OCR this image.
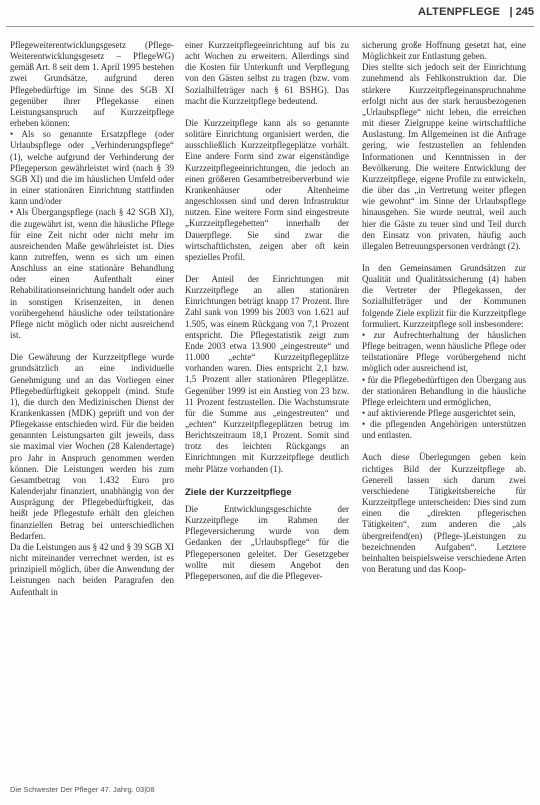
ALTENPFLEGE | 245

Pflegeweiterentwicklungsgesetz (Pflege-Weiterentwicklungsgesetz – PflegeWG) gemäß Art. 8 seit dem 1. April 1995 bestehen zwei Grundsätze, aufgrund deren Pflegebedürftige im Sinne des SGB XI gegenüber ihrer Pflegekasse einen Leistungsanspruch auf Kurzzeitpflege erheben können:

• Als so genannte Ersatzpflege (oder Urlaubspflege oder „Verhinderungspflege“ (1), welche aufgrund der Verhinderung der Pflegeperson gewährleistet wird (nach § 39 SGB XI) und die im häuslichen Umfeld oder in einer stationären Einrichtung stattfinden kann und/oder

• Als Übergangspflege (nach § 42 SGB XI), die zugewährt ist, wenn die häusliche Pflege für eine Zeit nicht oder nicht mehr im ausreichenden Maße gewährleistet ist. Dies kann zutreffen, wenn es sich um einen Anschluss an eine stationäre Behandlung oder einen Aufenthalt einer Rehabilitationseinrichtung handelt oder auch in sonstigen Krisenzeiten, in denen vorübergehend häusliche oder teilstationäre Pflege nicht möglich oder nicht ausreichend ist.

Die Gewährung der Kurzzeitpflege wurde grundsätzlich an eine individuelle Genehmigung und an das Vorliegen einer Pflegebedürftigkeit gekoppelt (mind. Stufe 1), die durch den Medizinischen Dienst der Krankenkassen (MDK) geprüft und von der Pflegekasse entschieden wird. Für die beiden genannten Leistungsarten gilt jeweils, dass sie maximal vier Wochen (28 Kalendertage) pro Jahr in Anspruch genommen werden können. Die Leistungen werden bis zum Gesamtbetrag von 1.432 Euro pro Kalenderjahr finanziert, unabhängig von der Ausprägung der Pflegebedürftigkeit, das heißt jede Pflegestufe erhält den gleichen finanziellen Betrag bei unterschiedlichen Bedarfen.

Da die Leistungen aus § 42 und § 39 SGB XI nicht miteinander verrechnet werden, ist es prinzipiell möglich, über die Anwendung der Leistungen nach beiden Paragrafen den Aufenthalt in

einer Kurzzeitpflegeeinrichtung auf bis zu acht Wochen zu erweitern. Allerdings sind die Kosten für Unterkunft und Verpflegung von den Gästen selbst zu tragen (bzw. vom Sozialhilfeträger nach § 61 BSHG). Das macht die Kurzzeitpflege bedeutend.

Die Kurzzeitpflege kann als so genannte solitäre Einrichtung organisiert werden, die ausschließlich Kurzzeitpflegeplätze vorhält. Eine andere Form sind zwar eigenständige Kurzzeitpflegeeinrichtungen, die jedoch an einen größeren Gesamtbetreiberverbund wie Krankenhäuser oder Altenheime angeschlossen sind und deren Infrastruktur nutzen. Eine weitere Form sind eingestreute „Kurzzeitpflegebetten“ innerhalb der Dauerpflege. Sie sind zwar die wirtschaftlichsten, zeigen aber oft kein spezielles Profil.

Der Anteil der Einrichtungen mit Kurzzeitpflege an allen stationären Einrichtungen beträgt knapp 17 Prozent. Ihre Zahl sank von 1999 bis 2003 von 1.621 auf 1.505, was einem Rückgang von 7,1 Prozent entspricht. Die Pflegestatistik zeigt zum Ende 2003 etwa 13.900 „eingestreute“ und 11.000 „echte“ Kurzzeitpflegeplätze vorhanden waren. Dies entspricht 2,1 bzw. 1,5 Prozent aller stationären Pflegeplätze. Gegenüber 1999 ist ein Anstieg von 23 bzw. 11 Prozent festzustellen. Die Wachstumsrate für die Summe aus „eingestreuten“ und „echten“ Kurzzeitpflegeplätzen betrug im Berichtszeitraum 18,1 Prozent. Somit sind trotz des leichten Rückgangs an Einrichtungen mit Kurzzeitpflege deutlich mehr Plätze vorhanden (1).

Ziele der Kurzzeitpflege

Die Entwicklungsgeschichte der Kurzzeitpflege im Rahmen der Pflegeversicherung wurde von dem Gedanken der „Urlaubspflege“ für die Pflegepersonen geleitet. Der Gesetzgeber wollte mit diesem Angebot den Pflegepersonen, auf die die Pflegever-

sicherung große Hoffnung gesetzt hat, eine Möglichkeit zur Entlastung geben.

Dies stellte sich jedoch seit der Einrichtung zunehmend als Fehlkonstruktion dar. Die stärkere Kurzzeitpflegeinanspruchnahme erfolgt nicht aus der stark herausbezogenen „Urlaubspflege“ nicht leben, die erreichen mit dieser Zielgruppe keine wirtschaftliche Auslastung. Im Allgemeinen ist die Anfrage gering, wie festzustellen an fehlenden Informationen und Kenntnissen in der Bevölkerung. Die weitere Entwicklung der Kurzzeitpflege, eigene Profile zu entwickeln, die über das „in Vertretung weiter pflegen wie gewohnt“ im Sinne der Urlaubspflege hinausgehen. Sie wurde neutral, weil auch hier die Gäste zu teuer sind und Teil durch den Einsatz von privaten, häufig auch illegalen Betreuungspersonen verdrängt (2).

In den Gemeinsamen Grundsätzen zur Qualität und Qualitätssicherung (4) haben die Vertreter der Pflegekassen, der Sozialhilfeträger und der Kommunen folgende Ziele explizit für die Kurzzeitpflege formuliert. Kurzzeitpflege soll insbesondere:

• zur Aufrechterhaltung der häuslichen Pflege beitragen, wenn häusliche Pflege oder teilstationäre Pflege vorübergehend nicht möglich oder ausreichend ist,

• für die Pflegebedürftigen den Übergang aus der stationären Behandlung in die häusliche Pflege erleichtern und ermöglichen,

• auf aktivierende Pflege ausgerichtet sein,

• die pflegenden Angehörigen unterstützen und entlasten.

Auch diese Überlegungen geben kein richtiges Bild der Kurzzeitpflege ab. Generell lassen sich darum zwei verschiedene Tätigkeitsbereiche für Kurzzeitpflege unterscheiden: Dies sind zum einen die „direkten pflegerischen Tätigkeiten“, zum anderen die „als übergreifend(en) (Pflege-)Leistungen zu bezeichnenden Aufgaben“. Letztere beinhalten beispielsweise verschiedene Arten von Beratung und das Koop-

Die Schwester Der Pfleger 47. Jahrg. 03|08
